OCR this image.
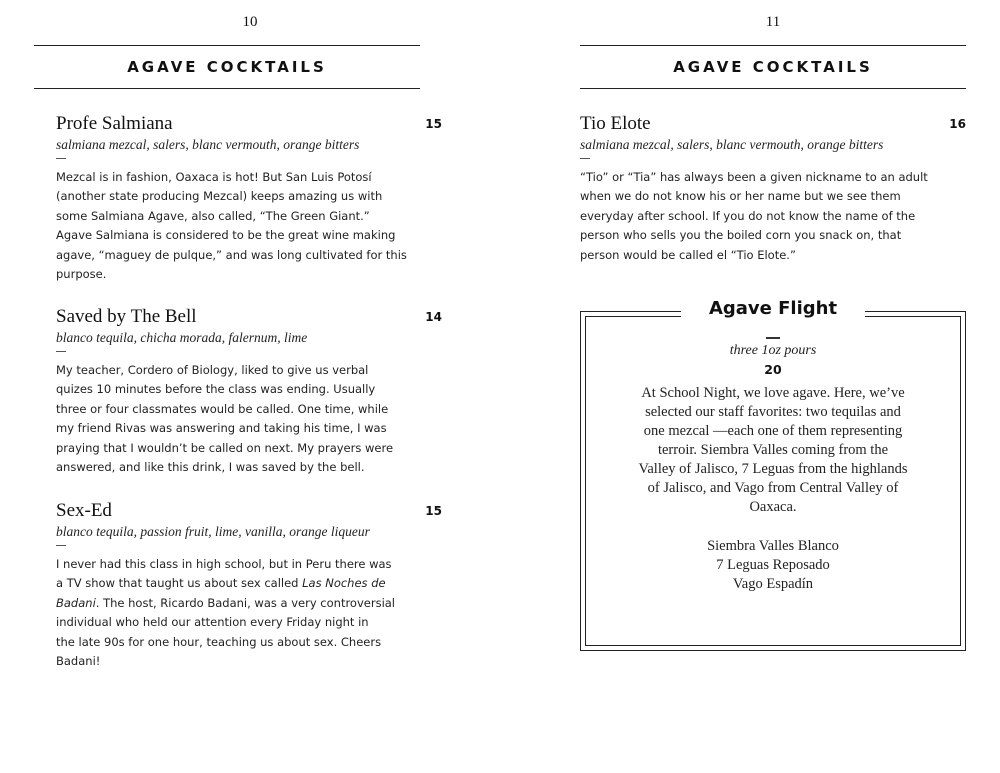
10
AGAVE COCKTAILS
Profe Salmiana	15
salmiana mezcal, salers, blanc vermouth, orange bitters
Mezcal is in fashion, Oaxaca is hot! But San Luis Potosí
(another state producing Mezcal) keeps amazing us with
some Salmiana Agave, also called, “The Green Giant.”
Agave Salmiana is considered to be the great wine making
agave, “maguey de pulque,” and was long cultivated for this
purpose.
Saved by The Bell	14
blanco tequila, chicha morada, falernum, lime
My teacher, Cordero of Biology, liked to give us verbal
quizes 10 minutes before the class was ending. Usually
three or four classmates would be called. One time, while
my friend Rivas was answering and taking his time, I was
praying that I wouldn’t be called on next. My prayers were
answered, and like this drink, I was saved by the bell.
Sex-Ed	15
blanco tequila, passion fruit, lime, vanilla, orange liqueur
I never had this class in high school, but in Peru there was
a TV show that taught us about sex called Las Noches de
Badani. The host, Ricardo Badani, was a very controversial
individual who held our attention every Friday night in
the late 90s for one hour, teaching us about sex. Cheers
Badani!
11
AGAVE COCKTAILS
Tio Elote	16
salmiana mezcal, salers, blanc vermouth, orange bitters
“Tio” or “Tia” has always been a given nickname to an adult
when we do not know his or her name but we see them
everyday after school. If you do not know the name of the
person who sells you the boiled corn you snack on, that
person would be called el “Tio Elote.”
Agave Flight
three 1oz pours
20
At School Night, we love agave. Here, we’ve
selected our staff favorites: two tequilas and
one mezcal —each one of them representing
terroir. Siembra Valles coming from the
Valley of Jalisco, 7 Leguas from the highlands
of Jalisco, and Vago from Central Valley of
Oaxaca.
Siembra Valles Blanco
7 Leguas Reposado
Vago Espadín
